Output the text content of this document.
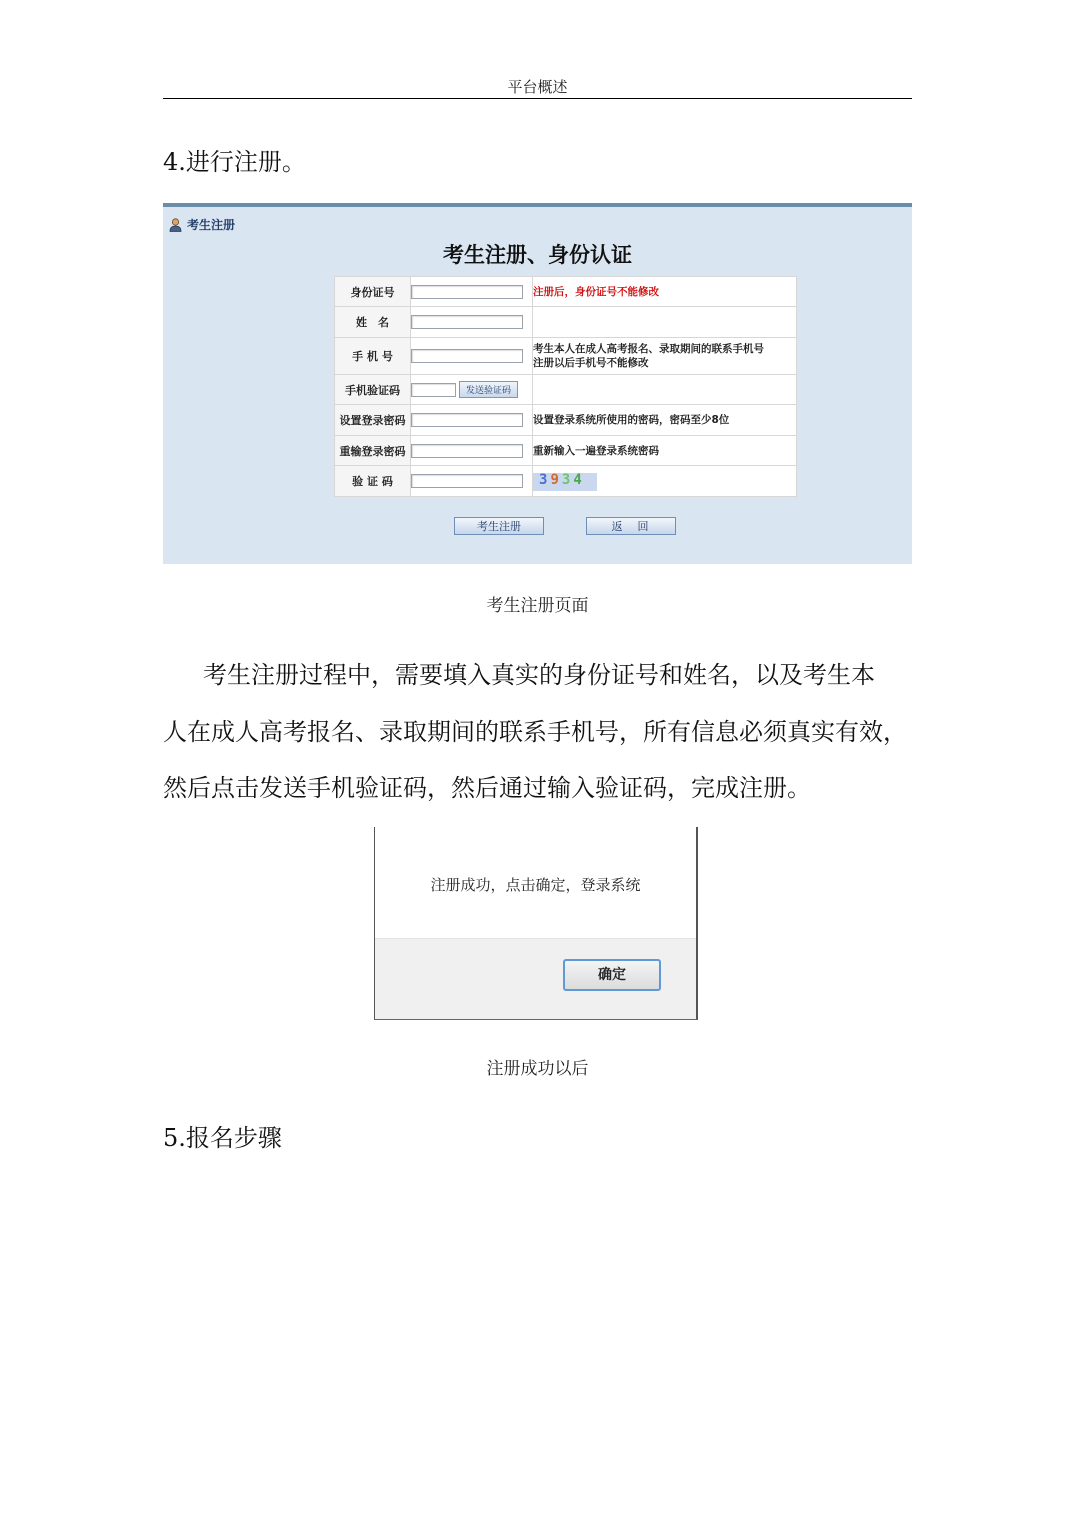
平台概述
4.进行注册。
考生注册
考生注册、身份认证
身份证号		注册后，身份证号不能修改
姓　名		
手 机 号		考生本人在成人高考报名、录取期间的联系手机号
注册以后手机号不能修改

手机验证码	发送验证码	
设置登录密码		设置登录系统所使用的密码，密码至少8位
重输登录密码		重新输入一遍登录系统密码
验 证 码		3934
考生注册	返　回
考生注册页面
考生注册过程中，需要填入真实的身份证号和姓名，以及考生本
人在成人高考报名、录取期间的联系手机号，所有信息必须真实有效，
然后点击发送手机验证码，然后通过输入验证码，完成注册。
注册成功，点击确定，登录系统
确定
注册成功以后
5.报名步骤
